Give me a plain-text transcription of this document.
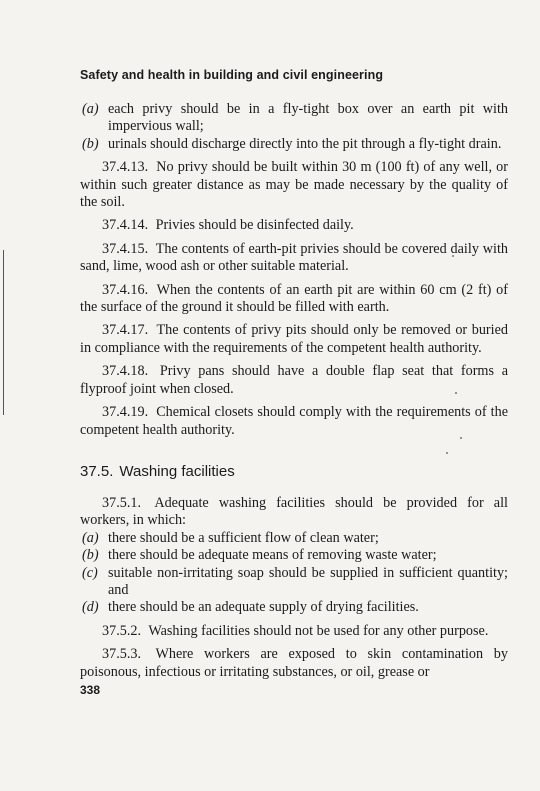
Safety and health in building and civil engineering
(a) each privy should be in a fly-tight box over an earth pit with impervious wall;
(b) urinals should discharge directly into the pit through a fly-tight drain.
37.4.13. No privy should be built within 30 m (100 ft) of any well, or within such greater distance as may be made necessary by the quality of the soil.
37.4.14. Privies should be disinfected daily.
37.4.15. The contents of earth-pit privies should be covered daily with sand, lime, wood ash or other suitable material.
37.4.16. When the contents of an earth pit are within 60 cm (2 ft) of the surface of the ground it should be filled with earth.
37.4.17. The contents of privy pits should only be removed or buried in compliance with the requirements of the competent health authority.
37.4.18. Privy pans should have a double flap seat that forms a flyproof joint when closed.
37.4.19. Chemical closets should comply with the requirements of the competent health authority.
37.5. Washing facilities
37.5.1. Adequate washing facilities should be provided for all workers, in which:
(a) there should be a sufficient flow of clean water;
(b) there should be adequate means of removing waste water;
(c) suitable non-irritating soap should be supplied in sufficient quantity; and
(d) there should be an adequate supply of drying facilities.
37.5.2. Washing facilities should not be used for any other purpose.
37.5.3. Where workers are exposed to skin contamination by poisonous, infectious or irritating substances, or oil, grease or
338
